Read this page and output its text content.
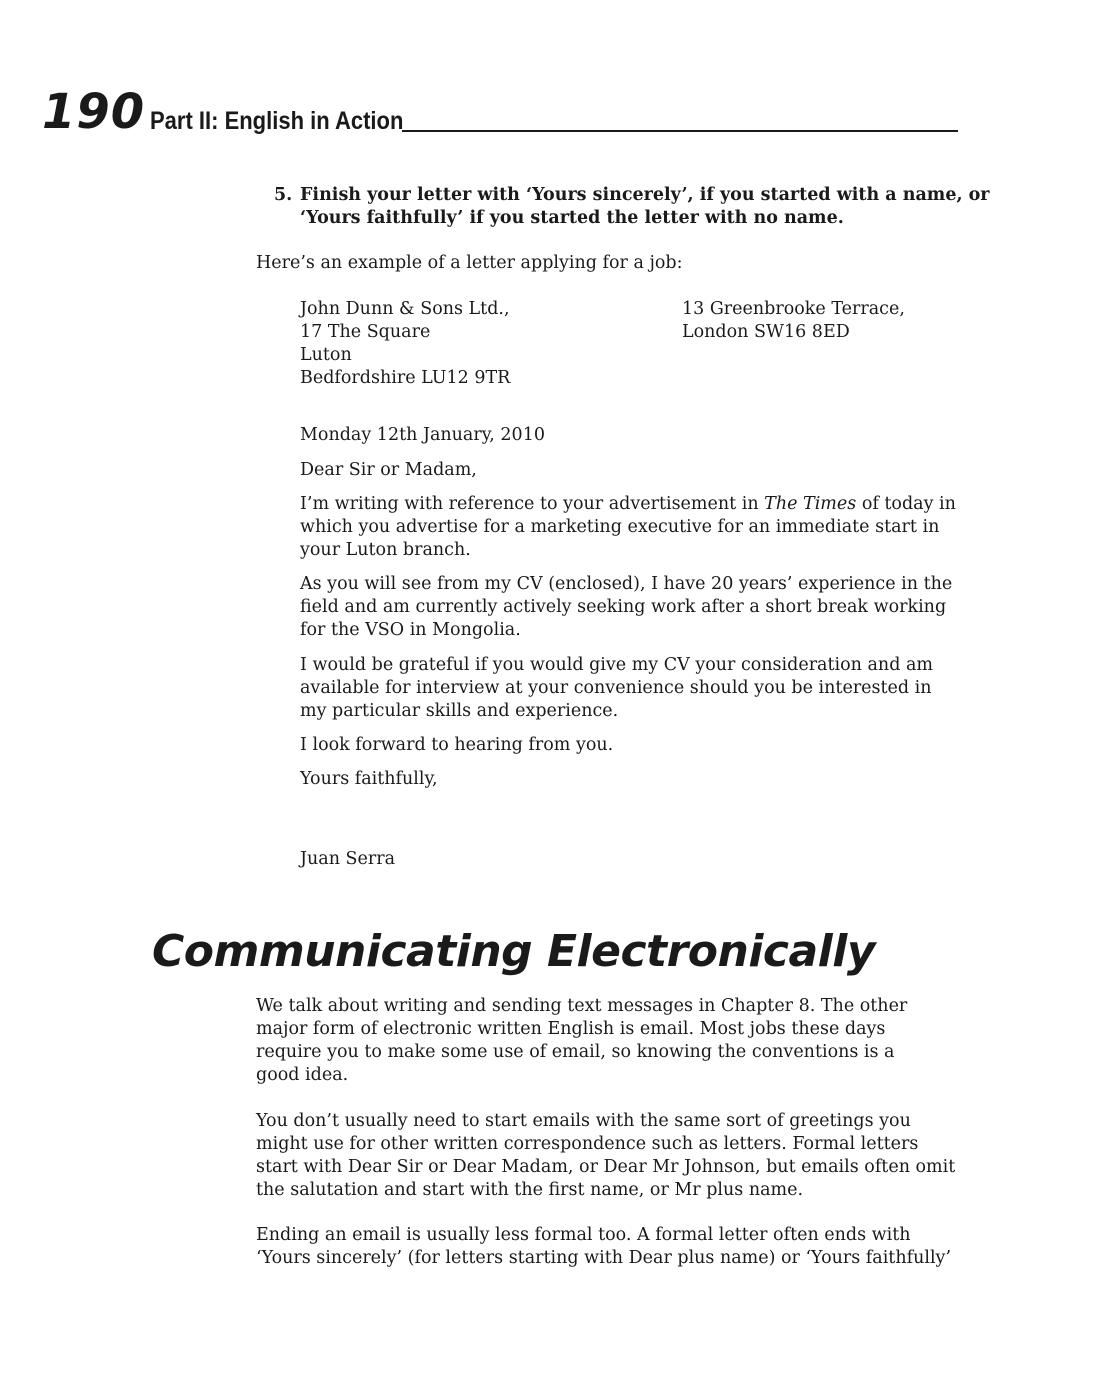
190 Part II: English in Action
5. Finish your letter with ‘Yours sincerely’, if you started with a name, or
‘Yours faithfully’ if you started the letter with no name.
Here’s an example of a letter applying for a job:
John Dunn & Sons Ltd.,
17 The Square
Luton
Bedfordshire LU12 9TR
13 Greenbrooke Terrace,
London SW16 8ED
Monday 12th January, 2010
Dear Sir or Madam,
I’m writing with reference to your advertisement in The Times of today in
which you advertise for a marketing executive for an immediate start in
your Luton branch.
As you will see from my CV (enclosed), I have 20 years’ experience in the
field and am currently actively seeking work after a short break working
for the VSO in Mongolia.
I would be grateful if you would give my CV your consideration and am
available for interview at your convenience should you be interested in
my particular skills and experience.
I look forward to hearing from you.
Yours faithfully,
Juan Serra
Communicating Electronically
We talk about writing and sending text messages in Chapter 8. The other
major form of electronic written English is email. Most jobs these days
require you to make some use of email, so knowing the conventions is a
good idea.
You don’t usually need to start emails with the same sort of greetings you
might use for other written correspondence such as letters. Formal letters
start with Dear Sir or Dear Madam, or Dear Mr Johnson, but emails often omit
the salutation and start with the first name, or Mr plus name.
Ending an email is usually less formal too. A formal letter often ends with
‘Yours sincerely’ (for letters starting with Dear plus name) or ‘Yours faithfully’
